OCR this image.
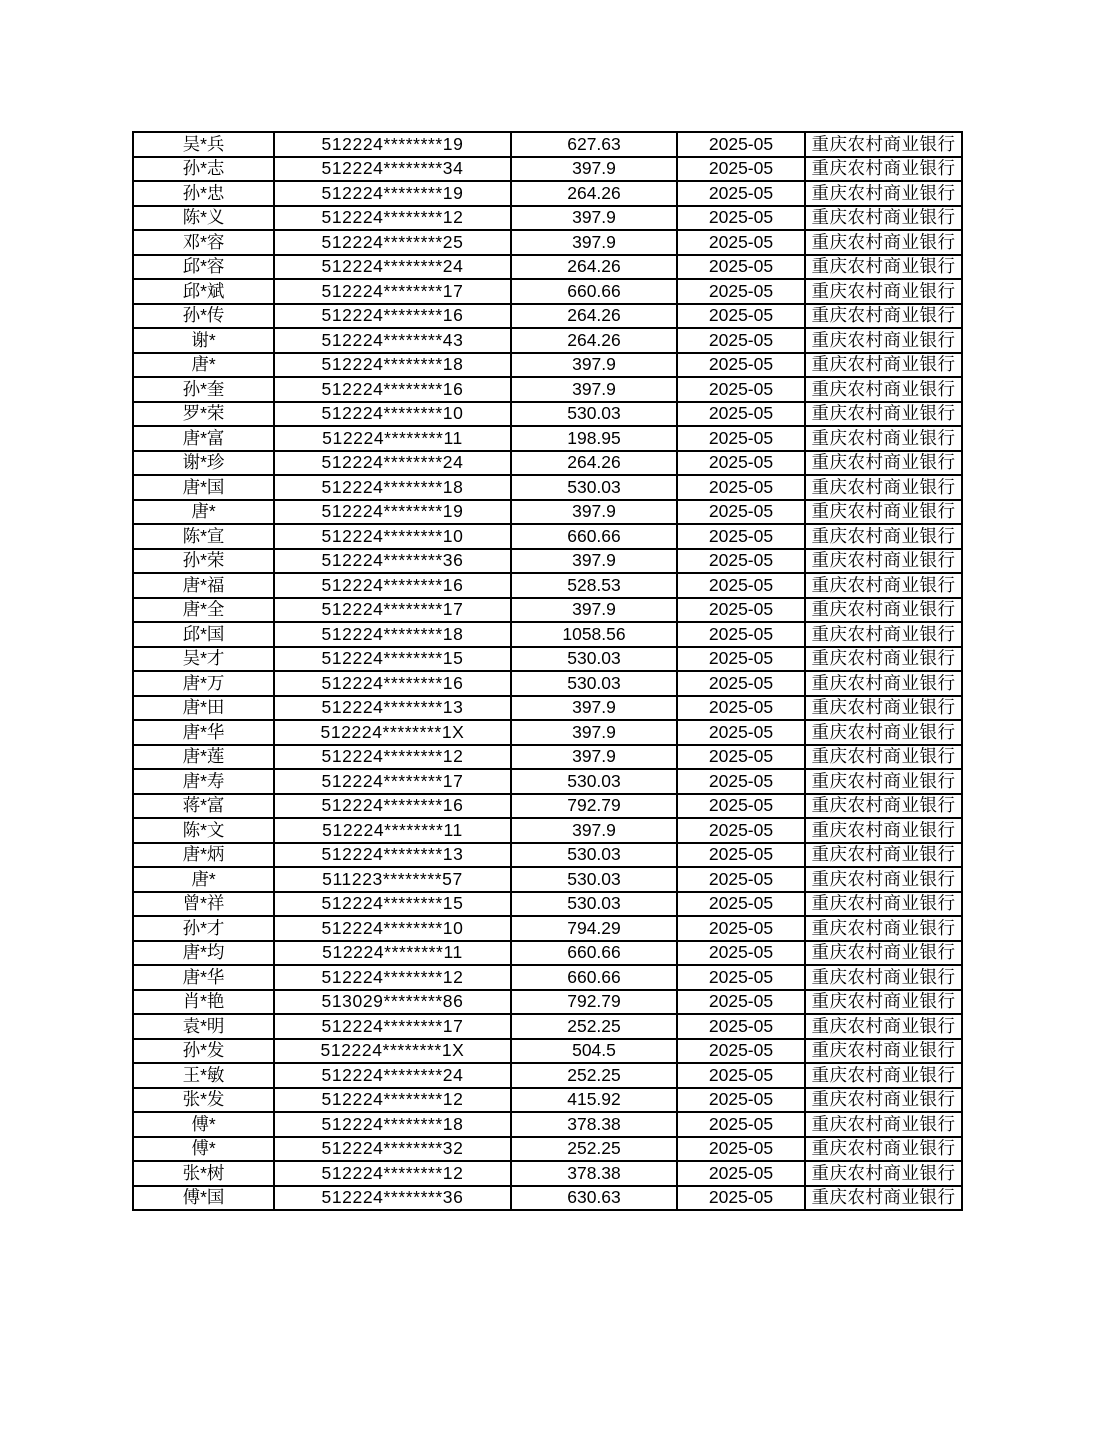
吴*兵	512224********19	627.63	2025-05	重庆农村商业银行
孙*志	512224********34	397.9	2025-05	重庆农村商业银行
孙*忠	512224********19	264.26	2025-05	重庆农村商业银行
陈*义	512224********12	397.9	2025-05	重庆农村商业银行
邓*容	512224********25	397.9	2025-05	重庆农村商业银行
邱*容	512224********24	264.26	2025-05	重庆农村商业银行
邱*斌	512224********17	660.66	2025-05	重庆农村商业银行
孙*传	512224********16	264.26	2025-05	重庆农村商业银行
谢*	512224********43	264.26	2025-05	重庆农村商业银行
唐*	512224********18	397.9	2025-05	重庆农村商业银行
孙*奎	512224********16	397.9	2025-05	重庆农村商业银行
罗*荣	512224********10	530.03	2025-05	重庆农村商业银行
唐*富	512224********11	198.95	2025-05	重庆农村商业银行
谢*珍	512224********24	264.26	2025-05	重庆农村商业银行
唐*国	512224********18	530.03	2025-05	重庆农村商业银行
唐*	512224********19	397.9	2025-05	重庆农村商业银行
陈*宣	512224********10	660.66	2025-05	重庆农村商业银行
孙*荣	512224********36	397.9	2025-05	重庆农村商业银行
唐*福	512224********16	528.53	2025-05	重庆农村商业银行
唐*全	512224********17	397.9	2025-05	重庆农村商业银行
邱*国	512224********18	1058.56	2025-05	重庆农村商业银行
吴*才	512224********15	530.03	2025-05	重庆农村商业银行
唐*万	512224********16	530.03	2025-05	重庆农村商业银行
唐*田	512224********13	397.9	2025-05	重庆农村商业银行
唐*华	512224********1X	397.9	2025-05	重庆农村商业银行
唐*莲	512224********12	397.9	2025-05	重庆农村商业银行
唐*寿	512224********17	530.03	2025-05	重庆农村商业银行
蒋*富	512224********16	792.79	2025-05	重庆农村商业银行
陈*文	512224********11	397.9	2025-05	重庆农村商业银行
唐*炳	512224********13	530.03	2025-05	重庆农村商业银行
唐*	511223********57	530.03	2025-05	重庆农村商业银行
曾*祥	512224********15	530.03	2025-05	重庆农村商业银行
孙*才	512224********10	794.29	2025-05	重庆农村商业银行
唐*均	512224********11	660.66	2025-05	重庆农村商业银行
唐*华	512224********12	660.66	2025-05	重庆农村商业银行
肖*艳	513029********86	792.79	2025-05	重庆农村商业银行
袁*明	512224********17	252.25	2025-05	重庆农村商业银行
孙*发	512224********1X	504.5	2025-05	重庆农村商业银行
王*敏	512224********24	252.25	2025-05	重庆农村商业银行
张*发	512224********12	415.92	2025-05	重庆农村商业银行
傅*	512224********18	378.38	2025-05	重庆农村商业银行
傅*	512224********32	252.25	2025-05	重庆农村商业银行
张*树	512224********12	378.38	2025-05	重庆农村商业银行
傅*国	512224********36	630.63	2025-05	重庆农村商业银行
